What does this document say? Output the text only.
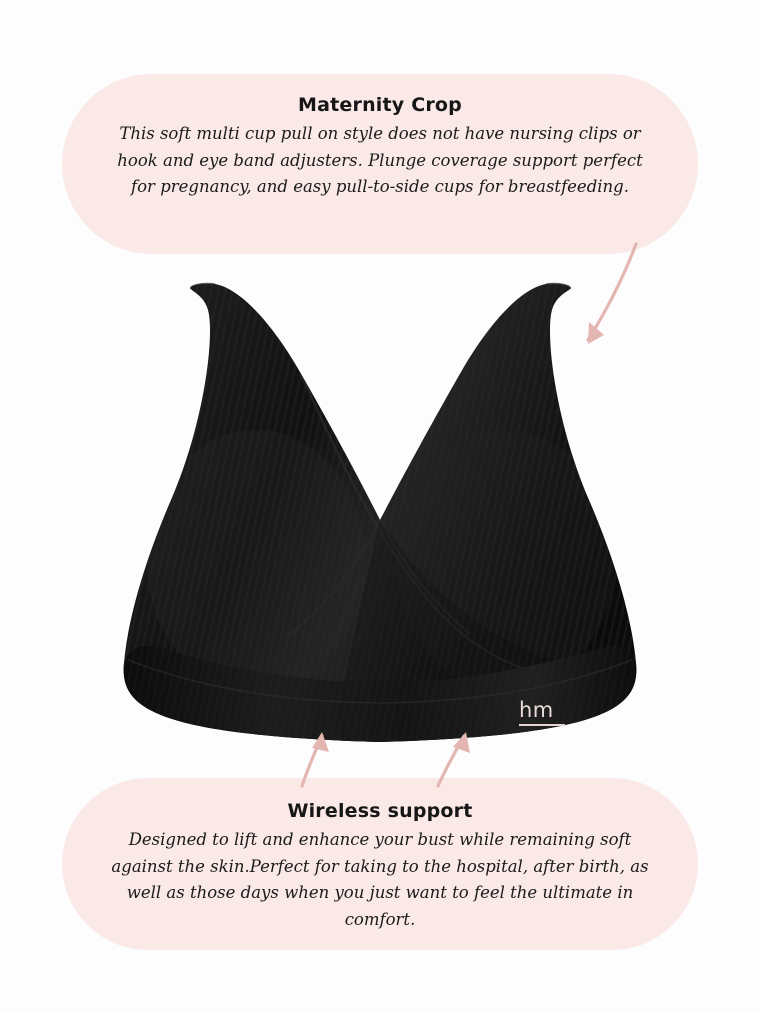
hm
Maternity Crop
This soft multi cup pull on style does not have nursing clips or hook and eye band adjusters. Plunge coverage support perfect for pregnancy, and easy pull-to-side cups for breastfeeding.
Wireless support
Designed to lift and enhance your bust while remaining soft against the skin.Perfect for taking to the hospital, after birth, as well as those days when you just want to feel the ultimate in comfort.
